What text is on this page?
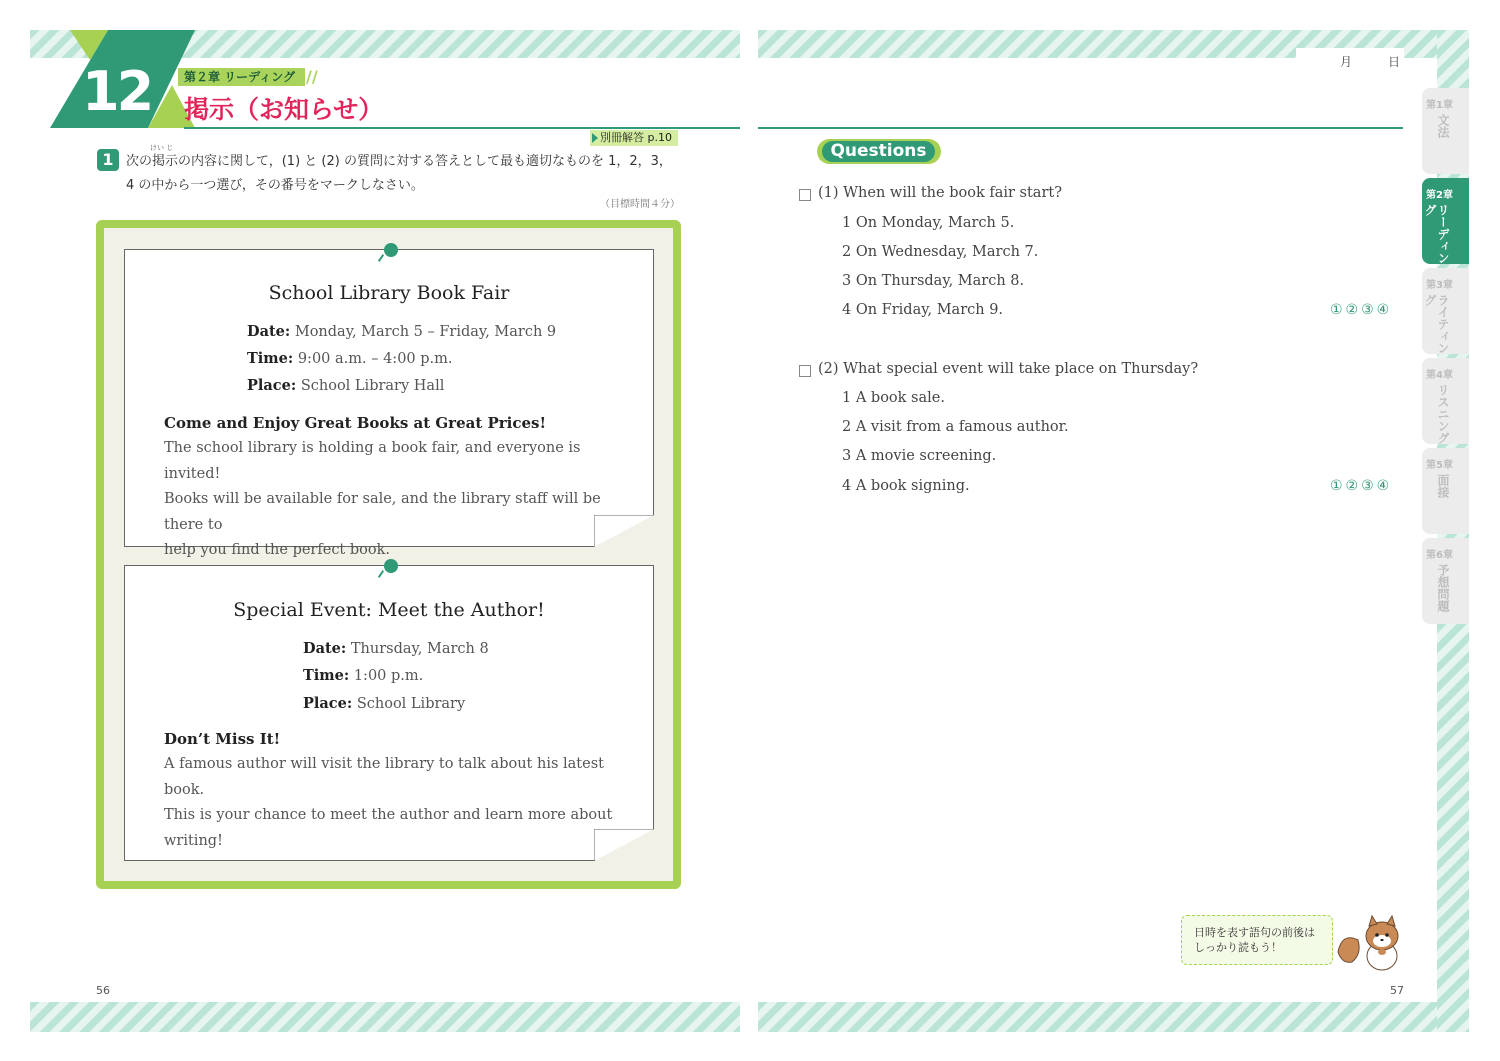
12	第２章 リーディング //
掲示（お知らせ）
別冊解答 p.10
1
けい じ
次の掲示の内容に関して，(1) と (2) の質問に対する答えとして最も適切なものを 1，2，3，
4 の中から一つ選び，その番号をマークしなさい。
（目標時間４分）
School Library Book Fair
Date: Monday, March 5 – Friday, March 9
Time: 9:00 a.m. – 4:00 p.m.
Place: School Library Hall
Come and Enjoy Great Books at Great Prices!
The school library is holding a book fair, and everyone is invited!
Books will be available for sale, and the library staff will be there to
help you find the perfect book.
Special Event: Meet the Author!
Date: Thursday, March 8
Time: 1:00 p.m.
Place: School Library
Don’t Miss It!
A famous author will visit the library to talk about his latest book.
This is your chance to meet the author and learn more about
writing!
56
月	日
Questions
(1) When will the book fair start?
1 On Monday, March 5.
2 On Wednesday, March 7.
3 On Thursday, March 8.
4 On Friday, March 9.	①②③④
(2) What special event will take place on Thursday?
1 A book sale.
2 A visit from a famous author.
3 A movie screening.
4 A book signing.	①②③④
第1章
文法
第2章
リーディング
第3章
ライティング
第4章
リスニング
第5章
面接
第6章
予想問題
日時を表す語句の前後は
しっかり読もう！
57
